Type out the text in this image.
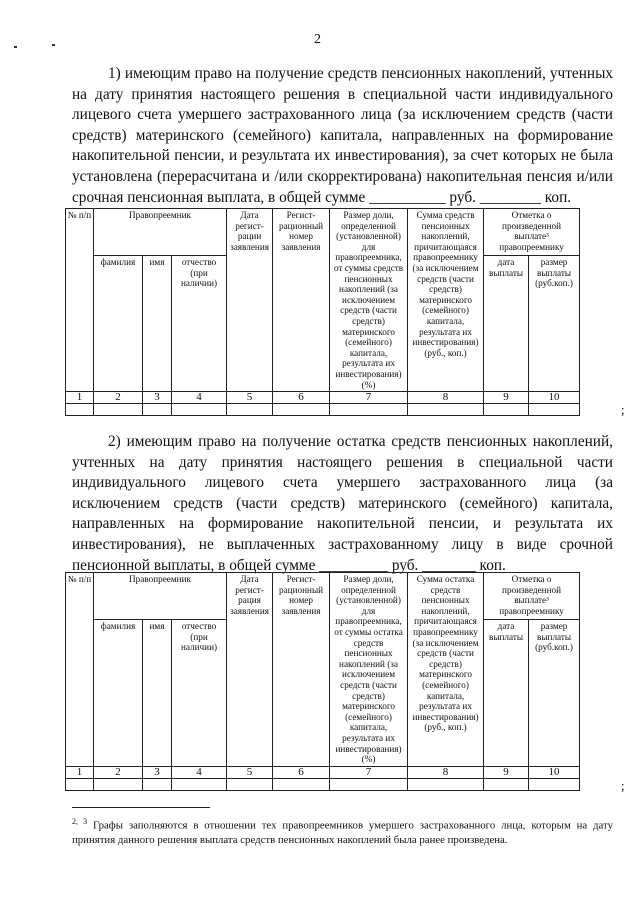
2
1) имеющим право на получение средств пенсионных накоплений, учтенных на дату принятия настоящего решения в специальной части индивидуального лицевого счета умершего застрахованного лица (за исключением средств (части средств) материнского (семейного) капитала, направленных на формирование накопительной пенсии, и результата их инвестирования), за счет которых не была установлена (перерасчитана и /или скорректирована) накопительная пенсия и/или срочная пенсионная выплата, в общей сумме __________ руб. ________ коп.
№ п/п	Правопреемник			Дата регист-рации заявления	Регист-рационный номер заявления	Размер доли, определенной (установленной) для правопреемника, от суммы средств пенсионных накоплений (за исключением средств (части средств) материнского (семейного) капитала, результата их инвестирования) (%)	Сумма средств пенсионных накоплений, причитающаяся правопреемнику (за исключением средств (части средств) материнского (семейного) капитала, результата их инвестирования) (руб., коп.)	Отметка о произведенной выплате³ правопреемнику	
	фамилия	имя	отчество (при наличии)					дата выплаты	размер выплаты (руб.коп.)
1	2	3	4	5	6	7	8	9	10

;
2) имеющим право на получение остатка средств пенсионных накоплений, учтенных на дату принятия настоящего решения в специальной части индивидуального лицевого счета умершего застрахованного лица (за исключением средств (части средств) материнского (семейного) капитала, направленных на формирование накопительной пенсии, и результата их инвестирования), не выплаченных застрахованному лицу в виде срочной пенсионной выплаты, в общей сумме _________ руб. _______ коп.
№ п/п	Правопреемник			Дата регист-рация заявления	Регист-рационный номер заявления	Размер доли, определенной (установленной) для правопреемника, от суммы остатка средств пенсионных накоплений (за исключением средств (части средств) материнского (семейного) капитала, результата их инвестирования) (%)	Сумма остатка средств пенсионных накоплений, причитающаяся правопреемнику (за исключением средств (части средств) материнского (семейного) капитала, результата их инвестирования) (руб., коп.)	Отметка о произведенной выплате³ правопреемнику	
	фамилия	имя	отчество (при наличии)					дата выплаты	размер выплаты (руб.коп.)
1	2	3	4	5	6	7	8	9	10

;
$^{2, 3}$ Графы заполняются в отношении тех правопреемников умершего застрахованного лица, которым на дату принятия данного решения выплата средств пенсионных накоплений была ранее произведена.
